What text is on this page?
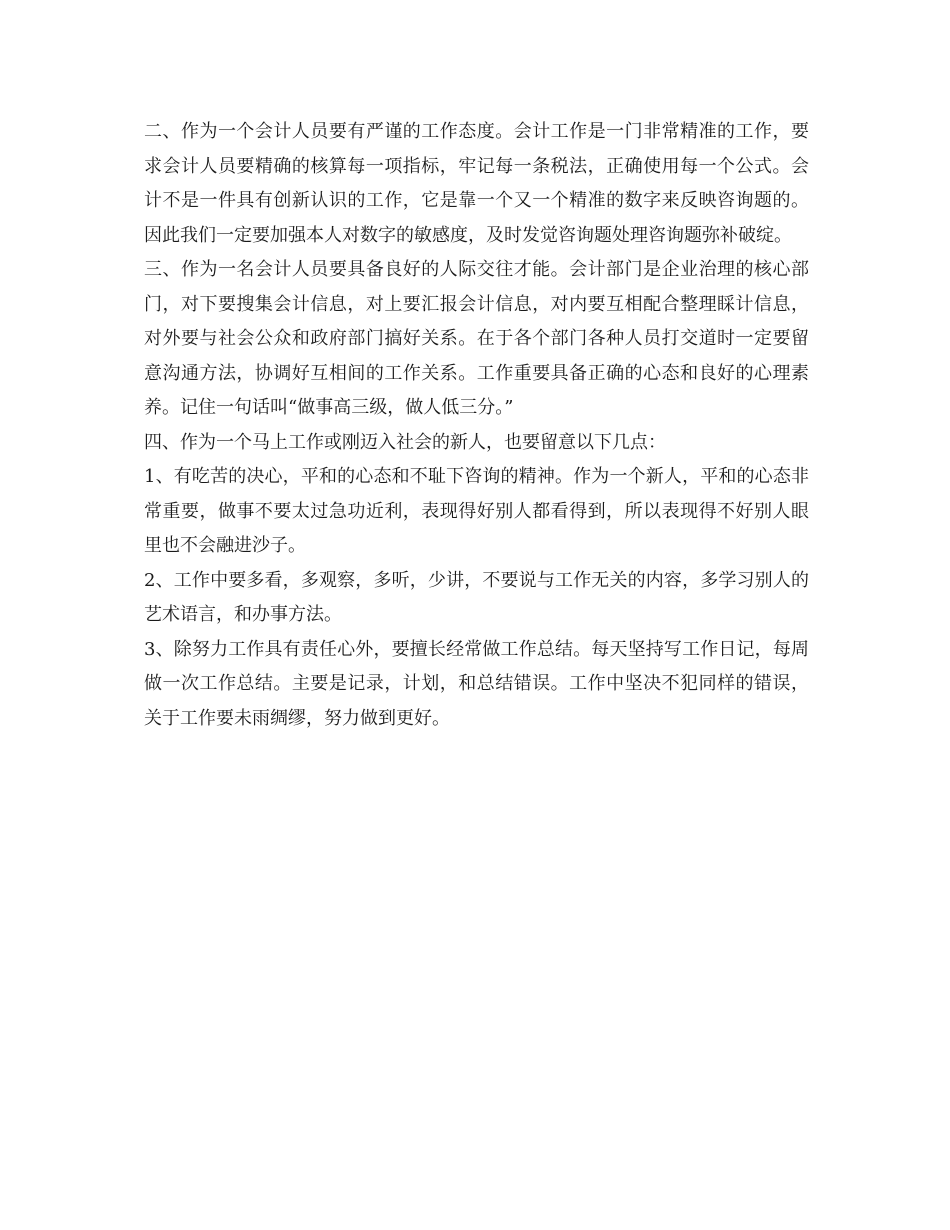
二、作为一个会计人员要有严谨的工作态度。会计工作是一门非常精准的工作，要求会计人员要精确的核算每一项指标，牢记每一条税法，正确使用每一个公式。会计不是一件具有创新认识的工作，它是靠一个又一个精准的数字来反映咨询题的。因此我们一定要加强本人对数字的敏感度，及时发觉咨询题处理咨询题弥补破绽。

三、作为一名会计人员要具备良好的人际交往才能。会计部门是企业治理的核心部门，对下要搜集会计信息，对上要汇报会计信息，对内要互相配合整理睬计信息，对外要与社会公众和政府部门搞好关系。在于各个部门各种人员打交道时一定要留意沟通方法，协调好互相间的工作关系。工作重要具备正确的心态和良好的心理素养。记住一句话叫“做事高三级，做人低三分。”

四、作为一个马上工作或刚迈入社会的新人，也要留意以下几点：

1、有吃苦的决心，平和的心态和不耻下咨询的精神。作为一个新人，平和的心态非常重要，做事不要太过急功近利，表现得好别人都看得到，所以表现得不好别人眼里也不会融进沙子。

2、工作中要多看，多观察，多听，少讲，不要说与工作无关的内容，多学习别人的艺术语言，和办事方法。

3、除努力工作具有责任心外，要擅长经常做工作总结。每天坚持写工作日记，每周做一次工作总结。主要是记录，计划，和总结错误。工作中坚决不犯同样的错误，关于工作要未雨绸缪，努力做到更好。
